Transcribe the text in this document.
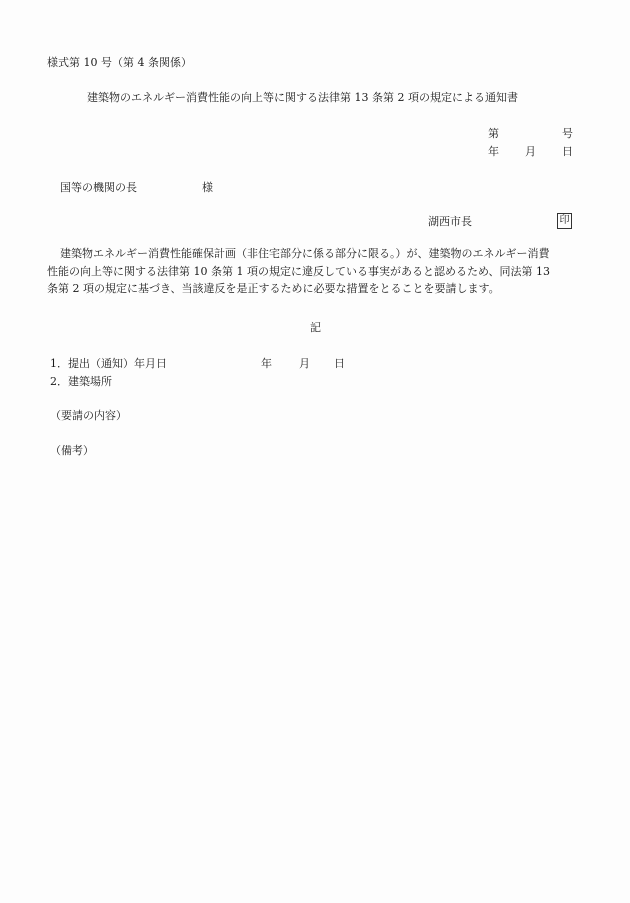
様式第 10 号（第 4 条関係）
建築物のエネルギー消費性能の向上等に関する法律第 13 条第 2 項の規定による通知書
第	号
年 月 日
国等の機関の長	様
湖西市長	印
建築物エネルギー消費性能確保計画（非住宅部分に係る部分に限る。）が、建築物のエネルギー消費
性能の向上等に関する法律第 10 条第 1 項の規定に違反している事実があると認めるため、同法第 13
条第 2 項の規定に基づき、当該違反を是正するために必要な措置をとることを要請します。
記
1．提出（通知）年月日	年 月 日
2．建築場所
（要請の内容）
（備考）
